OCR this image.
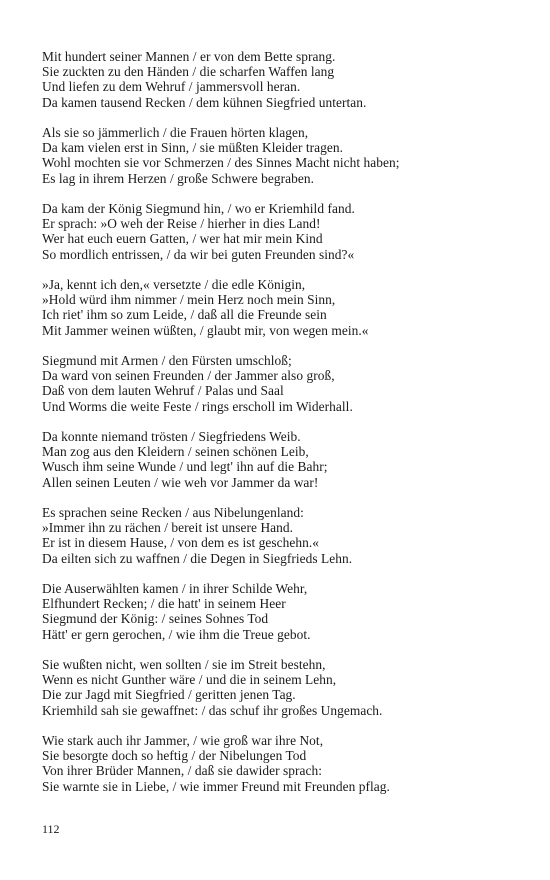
Mit hundert seiner Mannen / er von dem Bette sprang.
Sie zuckten zu den Händen / die scharfen Waffen lang
Und liefen zu dem Wehruf / jammersvoll heran.
Da kamen tausend Recken / dem kühnen Siegfried untertan.
Als sie so jämmerlich / die Frauen hörten klagen,
Da kam vielen erst in Sinn, / sie müßten Kleider tragen.
Wohl mochten sie vor Schmerzen / des Sinnes Macht nicht haben;
Es lag in ihrem Herzen / große Schwere begraben.
Da kam der König Siegmund hin, / wo er Kriemhild fand.
Er sprach: »O weh der Reise / hierher in dies Land!
Wer hat euch euern Gatten, / wer hat mir mein Kind
So mordlich entrissen, / da wir bei guten Freunden sind?«
»Ja, kennt ich den,« versetzte / die edle Königin,
»Hold würd ihm nimmer / mein Herz noch mein Sinn,
Ich riet' ihm so zum Leide, / daß all die Freunde sein
Mit Jammer weinen wüßten, / glaubt mir, von wegen mein.«
Siegmund mit Armen / den Fürsten umschloß;
Da ward von seinen Freunden / der Jammer also groß,
Daß von dem lauten Wehruf / Palas und Saal
Und Worms die weite Feste / rings erscholl im Widerhall.
Da konnte niemand trösten / Siegfriedens Weib.
Man zog aus den Kleidern / seinen schönen Leib,
Wusch ihm seine Wunde / und legt' ihn auf die Bahr;
Allen seinen Leuten / wie weh vor Jammer da war!
Es sprachen seine Recken / aus Nibelungenland:
»Immer ihn zu rächen / bereit ist unsere Hand.
Er ist in diesem Hause, / von dem es ist geschehn.«
Da eilten sich zu waffnen / die Degen in Siegfrieds Lehn.
Die Auserwählten kamen / in ihrer Schilde Wehr,
Elfhundert Recken; / die hatt' in seinem Heer
Siegmund der König: / seines Sohnes Tod
Hätt' er gern gerochen, / wie ihm die Treue gebot.
Sie wußten nicht, wen sollten / sie im Streit bestehn,
Wenn es nicht Gunther wäre / und die in seinem Lehn,
Die zur Jagd mit Siegfried / geritten jenen Tag.
Kriemhild sah sie gewaffnet: / das schuf ihr großes Ungemach.
Wie stark auch ihr Jammer, / wie groß war ihre Not,
Sie besorgte doch so heftig / der Nibelungen Tod
Von ihrer Brüder Mannen, / daß sie dawider sprach:
Sie warnte sie in Liebe, / wie immer Freund mit Freunden pflag.
112
